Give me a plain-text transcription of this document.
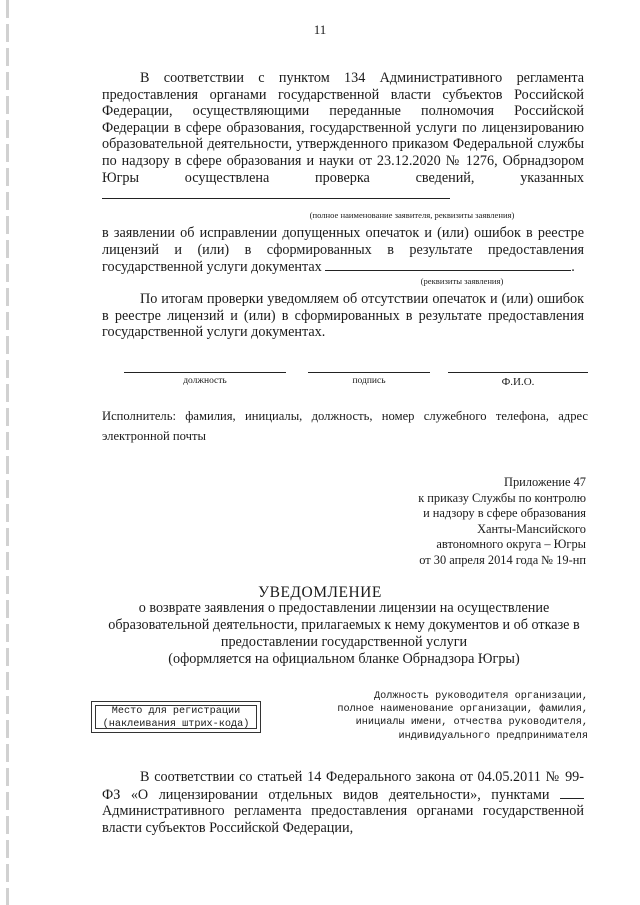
11
В соответствии с пунктом 134 Административного регламента предоставления органами государственной власти субъектов Российской Федерации, осуществляющими переданные полномочия Российской Федерации в сфере образования, государственной услуги по лицензированию образовательной деятельности, утвержденного приказом Федеральной службы по надзору в сфере образования и науки от 23.12.2020 № 1276, Обрнадзором Югры осуществлена проверка сведений, указанных
(полное наименование заявителя, реквизиты заявления)
в заявлении об исправлении допущенных опечаток и (или) ошибок в реестре лицензий и (или) в сформированных в результате предоставления государственной услуги документах	.
(реквизиты заявления)
По итогам проверки уведомляем об отсутствии опечаток и (или) ошибок в реестре лицензий и (или) в сформированных в результате предоставления государственной услуги документах.
должность	подпись	Ф.И.О.
Исполнитель: фамилия, инициалы, должность, номер служебного телефона, адрес электронной почты
Приложение 47
к приказу Службы по контролю
и надзору в сфере образования
Ханты-Мансийского
автономного округа – Югры
от 30 апреля 2014 года № 19-нп
УВЕДОМЛЕНИЕ
о возврате заявления о предоставлении лицензии на осуществление образовательной деятельности, прилагаемых к нему документов и об отказе в предоставлении государственной услуги
(оформляется на официальном бланке Обрнадзора Югры)
Место для регистрации
(наклеивания штрих-кода)
Должность руководителя организации,
полное наименование организации, фамилия,
инициалы имени, отчества руководителя,
индивидуального предпринимателя
В соответствии со статьей 14 Федерального закона от 04.05.2011 № 99-ФЗ «О лицензировании отдельных видов деятельности», пунктами  Административного регламента предоставления органами государственной власти субъектов Российской Федерации,
